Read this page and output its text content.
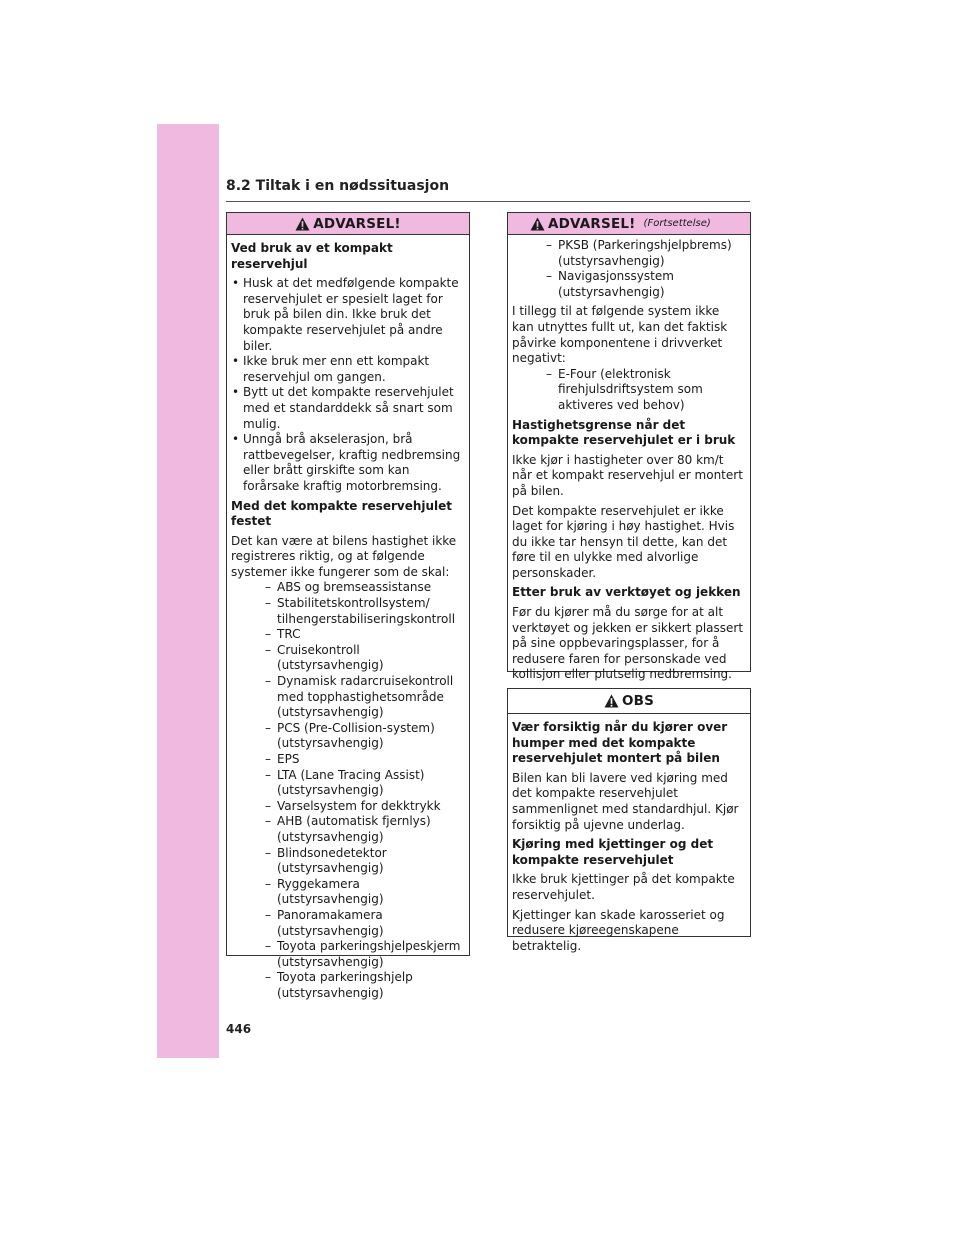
8.2 Tiltak i en nødssituasjon
ADVARSEL!
Ved bruk av et kompakt reservehjul
• Husk at det medfølgende kompakte reservehjulet er spesielt laget for bruk på bilen din. Ikke bruk det kompakte reservehjulet på andre biler.
• Ikke bruk mer enn ett kompakt reservehjul om gangen.
• Bytt ut det kompakte reservehjulet med et standarddekk så snart som mulig.
• Unngå brå akselerasjon, brå rattbevegelser, kraftig nedbremsing eller brått girskifte som kan forårsake kraftig motorbremsing.
Med det kompakte reservehjulet festet
Det kan være at bilens hastighet ikke registreres riktig, og at følgende systemer ikke fungerer som de skal:
– ABS og bremseassistanse
– Stabilitetskontrollsystem/ tilhengerstabiliseringskontroll
– TRC
– Cruisekontroll (utstyrsavhengig)
– Dynamisk radarcruisekontroll med topphastighetsområde (utstyrsavhengig)
– PCS (Pre-Collision-system) (utstyrsavhengig)
– EPS
– LTA (Lane Tracing Assist) (utstyrsavhengig)
– Varselsystem for dekktrykk
– AHB (automatisk fjernlys) (utstyrsavhengig)
– Blindsonedetektor (utstyrsavhengig)
– Ryggekamera (utstyrsavhengig)
– Panoramakamera (utstyrsavhengig)
– Toyota parkeringshjelpeskjerm (utstyrsavhengig)
– Toyota parkeringshjelp (utstyrsavhengig)
ADVARSEL! (Fortsettelse)
– PKSB (Parkeringshjelpbrems) (utstyrsavhengig)
– Navigasjonssystem (utstyrsavhengig)
I tillegg til at følgende system ikke kan utnyttes fullt ut, kan det faktisk påvirke komponentene i drivverket negativt:
– E-Four (elektronisk firehjulsdriftsystem som aktiveres ved behov)
Hastighetsgrense når det kompakte reservehjulet er i bruk
Ikke kjør i hastigheter over 80 km/t når et kompakt reservehjul er montert på bilen.
Det kompakte reservehjulet er ikke laget for kjøring i høy hastighet. Hvis du ikke tar hensyn til dette, kan det føre til en ulykke med alvorlige personskader.
Etter bruk av verktøyet og jekken
Før du kjører må du sørge for at alt verktøyet og jekken er sikkert plassert på sine oppbevaringsplasser, for å redusere faren for personskade ved kollisjon eller plutselig nedbremsing.
OBS
Vær forsiktig når du kjører over humper med det kompakte reservehjulet montert på bilen
Bilen kan bli lavere ved kjøring med det kompakte reservehjulet sammenlignet med standardhjul. Kjør forsiktig på ujevne underlag.
Kjøring med kjettinger og det kompakte reservehjulet
Ikke bruk kjettinger på det kompakte reservehjulet.
Kjettinger kan skade karosseriet og redusere kjøreegenskapene betraktelig.
446
